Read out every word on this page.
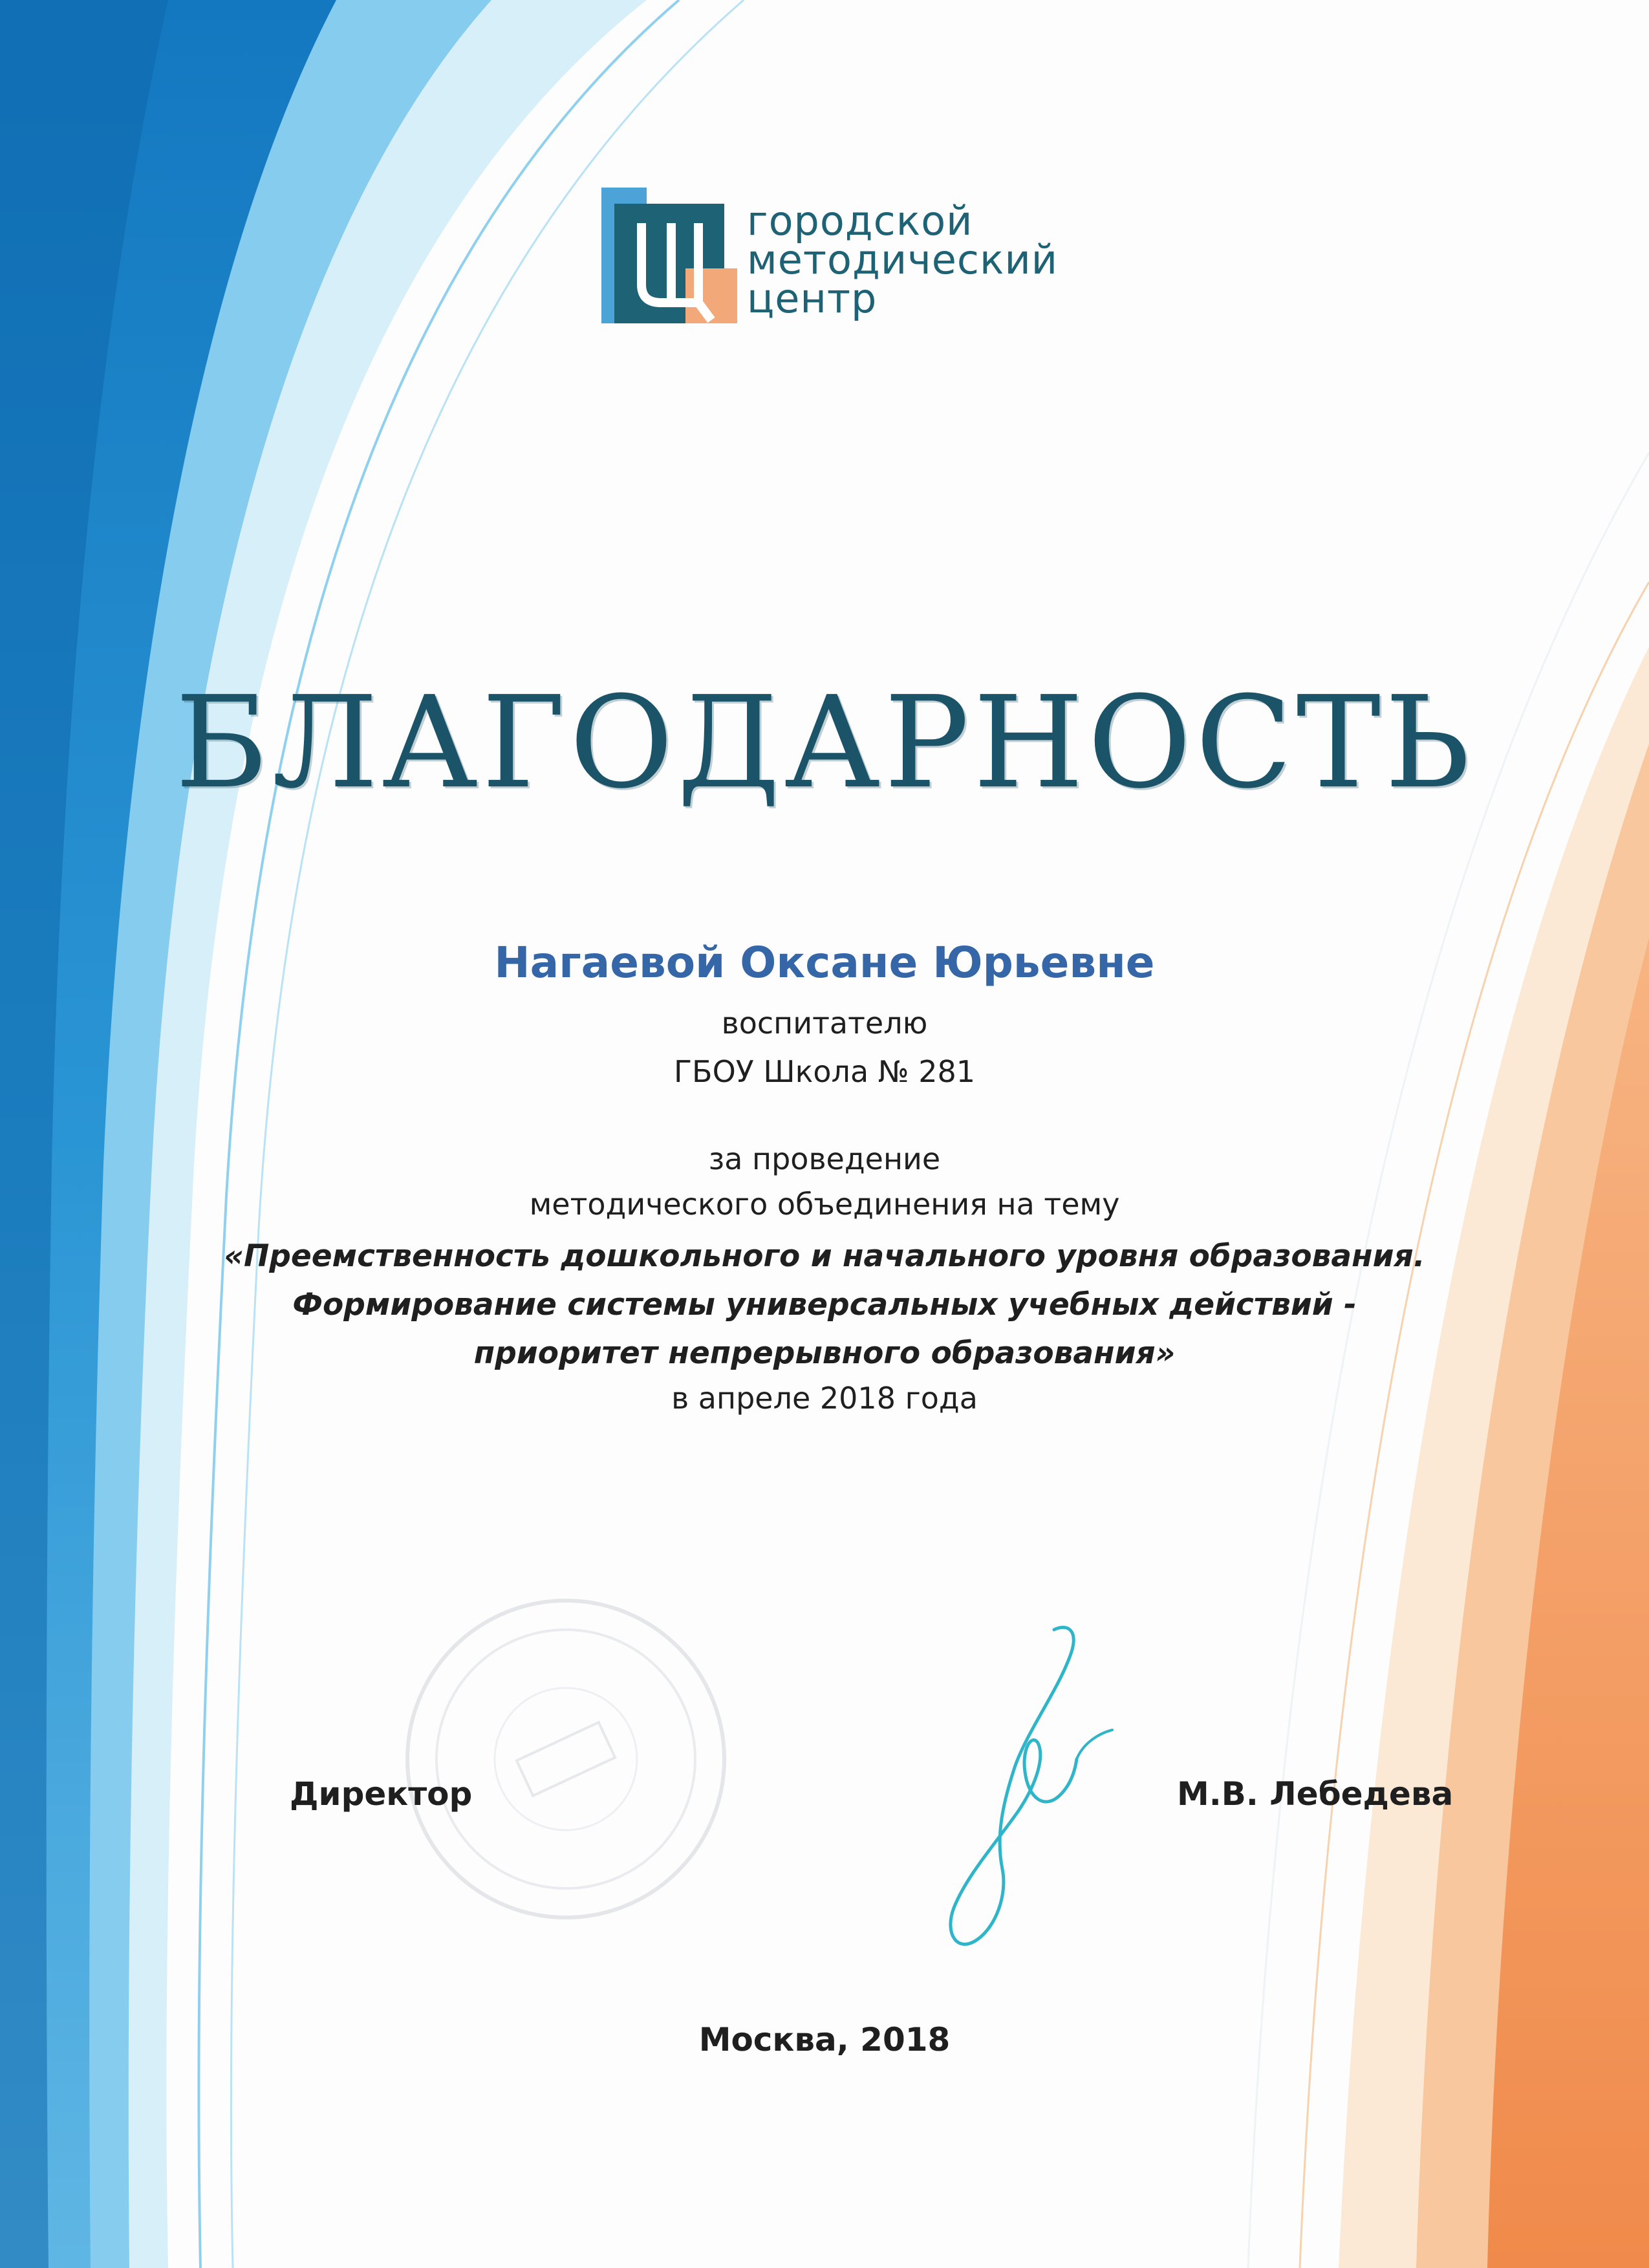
городской
методический
центр
БЛАГОДАРНОСТЬ
Нагаевой Оксане Юрьевне
воспитателю
ГБОУ Школа № 281
за проведение
методического объединения на тему
«Преемственность дошкольного и начального уровня образования.
Формирование системы универсальных учебных действий -
приоритет непрерывного образования»
в апреле 2018 года
Директор	М.В. Лебедева
Москва, 2018
